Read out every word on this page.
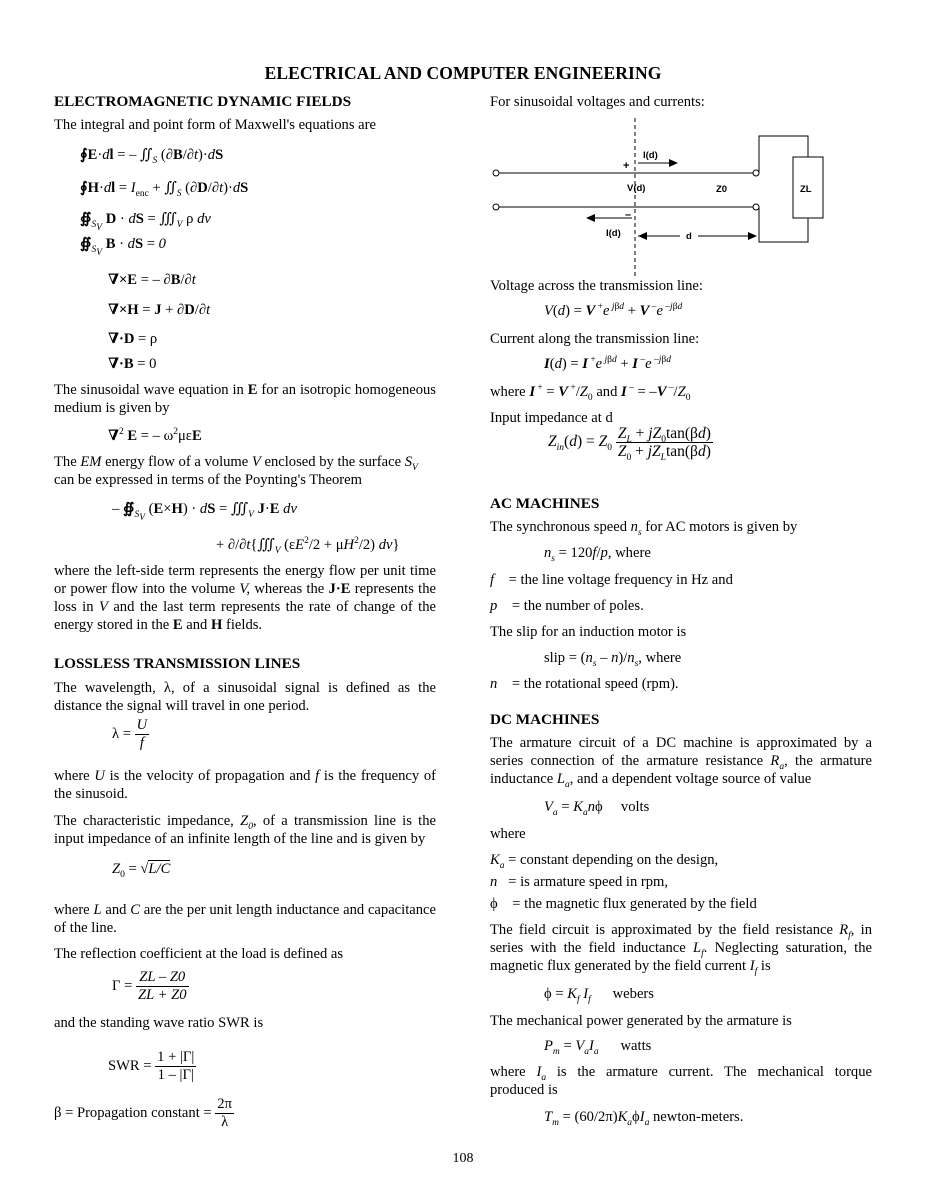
ELECTRICAL AND COMPUTER ENGINEERING
ELECTROMAGNETIC DYNAMIC FIELDS
The integral and point form of Maxwell's equations are
∮E·dl = – $∬_S$ (∂B/∂t)·dS
∮H·dl = $I_{enc}$ + $∬_S$ (∂D/∂t)·dS
$∯_{S_V}$ D · dS = $∭_V$ ρ dv
$∯_{S_V}$ B · dS = 0
∇×E = – ∂B/∂t
∇×H = J + ∂D/∂t
∇·D = ρ
∇·B = 0
The sinusoidal wave equation in E for an isotropic homogeneous medium is given by
∇$^2$ E = – $\omega^2\mu\varepsilon E$
The EM energy flow of a volume V enclosed by the surface $S_V$ can be expressed in terms of the Poynting's Theorem
– $∯_{S_V}$ (E×H) · dS = $∭_V$ J·E dv
+ $\partial/\partial t\{∭_V$ $(\varepsilon E^2/2 + \mu H^2/2)$ dv}
where the left-side term represents the energy flow per unit time or power flow into the volume V, whereas the J·E represents the loss in V and the last term represents the rate of change of the energy stored in the E and H fields.
LOSSLESS TRANSMISSION LINES
The wavelength, λ, of a sinusoidal signal is defined as the distance the signal will travel in one period.
$\lambda = \frac{U}{f}$
where U is the velocity of propagation and f is the frequency of the sinusoid.
The characteristic impedance, $Z_0$, of a transmission line is the input impedance of an infinite length of the line and is given by
$Z_0 = √L/C$
where L and C are the per unit length inductance and capacitance of the line.
The reflection coefficient at the load is defined as
$\Gamma = \frac{ZL - Z0}{ZL + Z0}$
and the standing wave ratio SWR is
SWR = $\frac{1 + |\Gamma|}{1 - |\Gamma|}$
β = Propagation constant = $\frac{2\pi}{\lambda}$
For sinusoidal voltages and currents:
I(d)
+
V(d)	Z0	ZL
–
I(d)	d
Voltage across the transmission line:
V(d) = V +e $^{j\beta d}$ + V –e $^{-j\beta d}$
Current along the transmission line:
I(d) = I +e $^{j\beta d}$ + I –e $^{-j\beta d}$
where I + = V $^+/Z_0$ and I – = –V $^-/Z_0$
Input impedance at d
$Z_{in}(d) = Z_0 \frac{Z_L + jZ_0\tan(\beta d)}{Z_0 + jZ_L\tan(\beta d)}$
AC MACHINES
The synchronous speed $n_s$ for AC motors is given by
$n_s = 120f/p$, where
f    = the line voltage frequency in Hz and
p    = the number of poles.
The slip for an induction motor is
slip = $(n_s - n)/n_s$, where
n    = the rotational speed (rpm).
DC MACHINES
The armature circuit of a DC machine is approximated by a series connection of the armature resistance $R_a$, the armature inductance $L_a$, and a dependent voltage source of value
$V_a = K_an\phi$     volts
where
$K_a$ = constant depending on the design,
n   = is armature speed in rpm,
ϕ    = the magnetic flux generated by the field
The field circuit is approximated by the field resistance $R_f$, in series with the field inductance $L_f$. Neglecting saturation, the magnetic flux generated by the field current $I_f$ is
$\phi = K_f$ $I_f$      webers
The mechanical power generated by the armature is
$P_m = V_aI_a$      watts
where $I_a$ is the armature current. The mechanical torque produced is
$T_m = (60/2\pi)K_a\phi I_a$ newton-meters.
108
